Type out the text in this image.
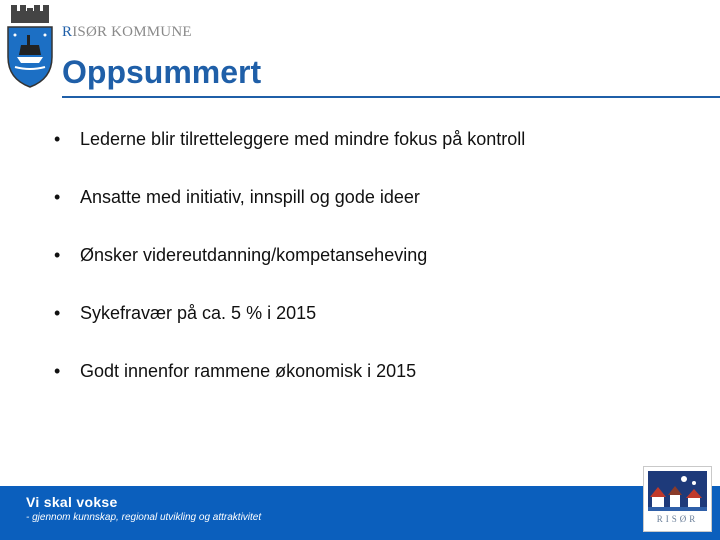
RISØR KOMMUNE
Oppsummert
•	Lederne blir tilretteleggere med mindre fokus på kontroll
•	Ansatte med initiativ, innspill og gode ideer
•	Ønsker videreutdanning/kompetanseheving
•	Sykefravær på ca. 5 % i 2015
•	Godt innenfor rammene økonomisk i 2015
Vi skal vokse
- gjennom kunnskap, regional utvikling og attraktivitet	RISØR
